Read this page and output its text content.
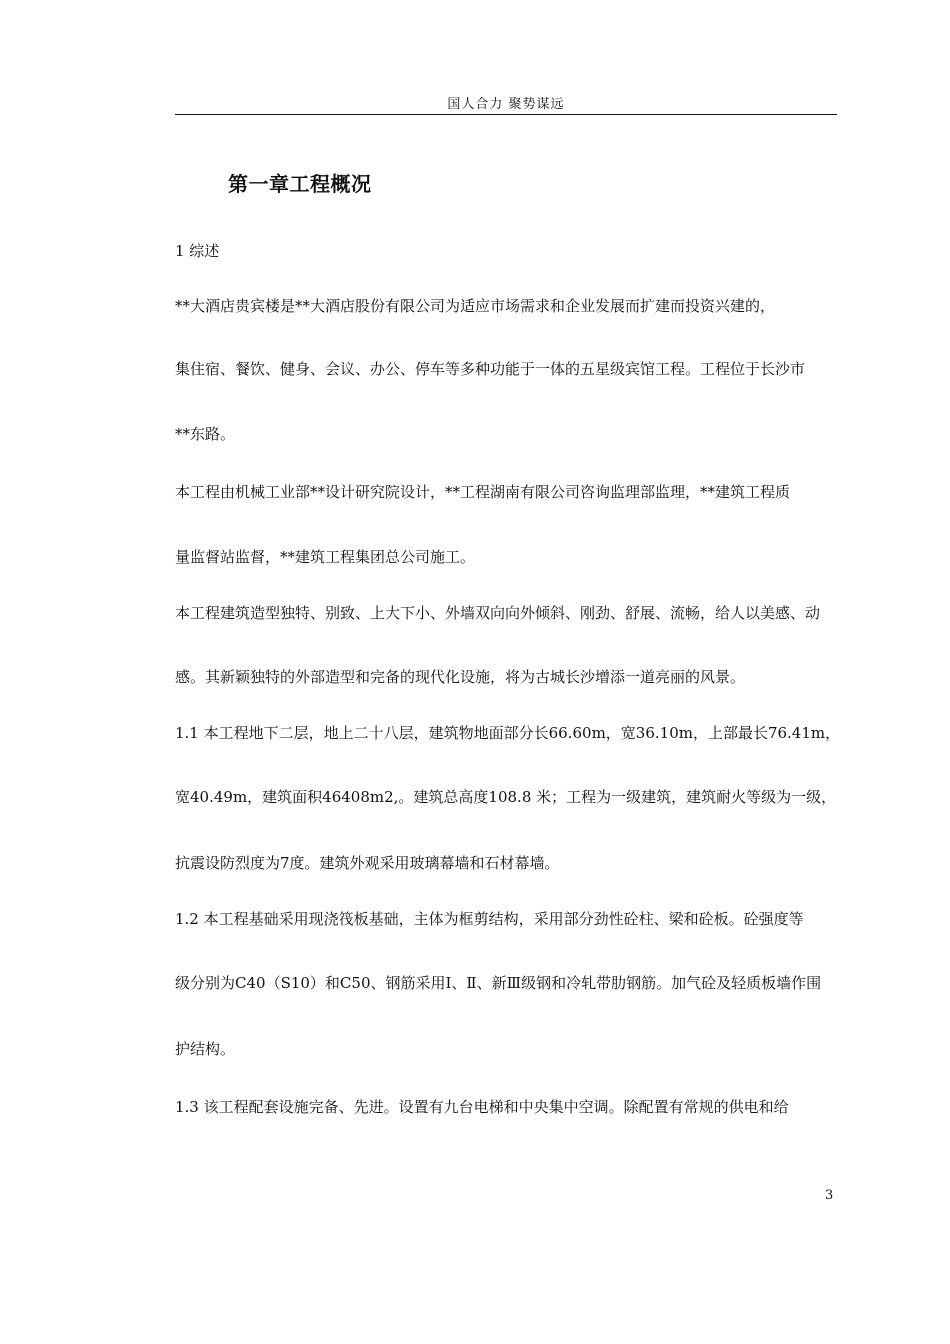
国人合力 聚势谋远
第一章工程概况
1 综述
**大酒店贵宾楼是**大酒店股份有限公司为适应市场需求和企业发展而扩建而投资兴建的，
集住宿、餐饮、健身、会议、办公、停车等多种功能于一体的五星级宾馆工程。工程位于长沙市
**东路。
本工程由机械工业部**设计研究院设计，**工程湖南有限公司咨询监理部监理，**建筑工程质
量监督站监督，**建筑工程集团总公司施工。
本工程建筑造型独特、别致、上大下小、外墙双向向外倾斜、刚劲、舒展、流畅，给人以美感、动
感。其新颖独特的外部造型和完备的现代化设施，将为古城长沙增添一道亮丽的风景。
1.1 本工程地下二层，地上二十八层，建筑物地面部分长66.60m，宽36.10m，上部最长76.41m，
宽40.49m，建筑面积46408m2,。建筑总高度108.8 米；工程为一级建筑，建筑耐火等级为一级，
抗震设防烈度为7度。建筑外观采用玻璃幕墙和石材幕墙。
1.2 本工程基础采用现浇筏板基础，主体为框剪结构，采用部分劲性砼柱、梁和砼板。砼强度等
级分别为C40（S10）和C50、钢筋采用Ⅰ、Ⅱ、新Ⅲ级钢和冷轧带肋钢筋。加气砼及轻质板墙作围
护结构。
1.3 该工程配套设施完备、先进。设置有九台电梯和中央集中空调。除配置有常规的供电和给
3
